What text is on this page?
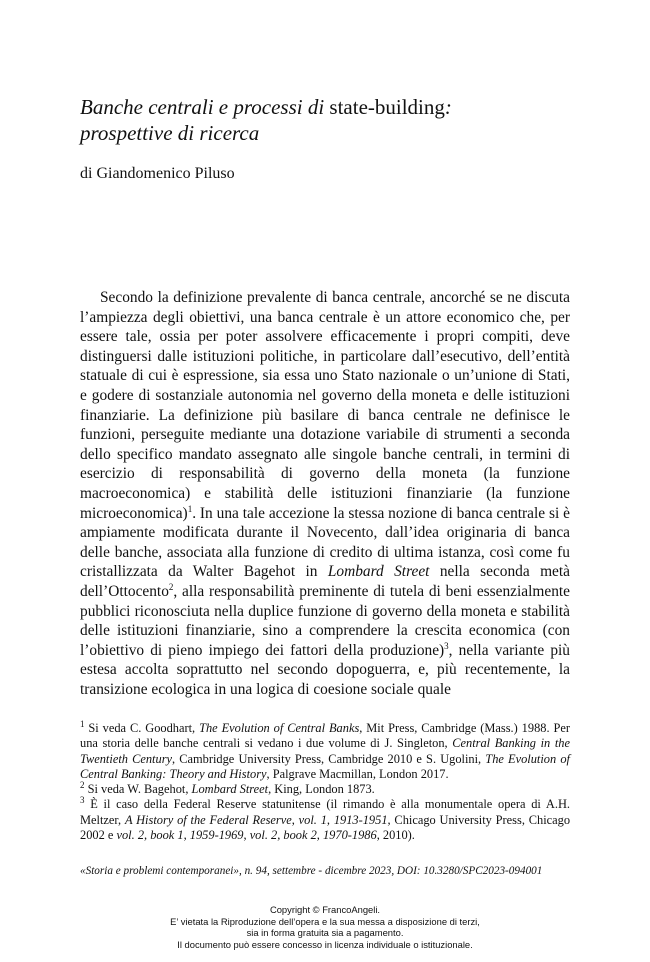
Banche centrali e processi di state-building:
prospettive di ricerca

di Giandomenico Piluso

Secondo la definizione prevalente di banca centrale, ancorché se ne discuta l’ampiezza degli obiettivi, una banca centrale è un attore economico che, per essere tale, ossia per poter assolvere efficacemente i propri compiti, deve distinguersi dalle istituzioni politiche, in particolare dall’esecutivo, dell’entità statuale di cui è espressione, sia essa uno Stato nazionale o un’unione di Stati, e godere di sostanziale autonomia nel governo della moneta e delle istituzioni finanziarie. La definizione più basilare di banca centrale ne definisce le funzioni, perseguite mediante una dotazione variabile di strumenti a seconda dello specifico mandato assegnato alle singole banche centrali, in termini di esercizio di responsabilità di governo della moneta (la funzione macroeconomica) e stabilità delle istituzioni finanziarie (la funzione microeconomica)$^1$. In una tale accezione la stessa nozione di banca centrale si è ampiamente modificata durante il Novecento, dall’idea originaria di banca delle banche, associata alla funzione di credito di ultima istanza, così come fu cristallizzata da Walter Bagehot in Lombard Street nella seconda metà dell’Ottocento$^2$, alla responsabilità preminente di tutela di beni essenzialmente pubblici riconosciuta nella duplice funzione di governo della moneta e stabilità delle istituzioni finanziarie, sino a comprendere la crescita economica (con l’obiettivo di pieno impiego dei fattori della produzione)$^3$, nella variante più estesa accolta soprattutto nel secondo dopoguerra, e, più recentemente, la transizione ecologica in una logica di coesione sociale quale

$^1$ Si veda C. Goodhart, The Evolution of Central Banks, Mit Press, Cambridge (Mass.) 1988. Per una storia delle banche centrali si vedano i due volume di J. Singleton, Central Banking in the Twentieth Century, Cambridge University Press, Cambridge 2010 e S. Ugolini, The Evolution of Central Banking: Theory and History, Palgrave Macmillan, London 2017.

$^2$ Si veda W. Bagehot, Lombard Street, King, London 1873.

$^3$ È il caso della Federal Reserve statunitense (il rimando è alla monumentale opera di A.H. Meltzer, A History of the Federal Reserve, vol. 1, 1913-1951, Chicago University Press, Chicago 2002 e vol. 2, book 1, 1959-1969, vol. 2, book 2, 1970-1986, 2010).

«Storia e problemi contemporanei», n. 94, settembre - dicembre 2023, DOI: 10.3280/SPC2023-094001

Copyright © FrancoAngeli.
E’ vietata la Riproduzione dell’opera e la sua messa a disposizione di terzi,
sia in forma gratuita sia a pagamento.
Il documento può essere concesso in licenza individuale o istituzionale.
